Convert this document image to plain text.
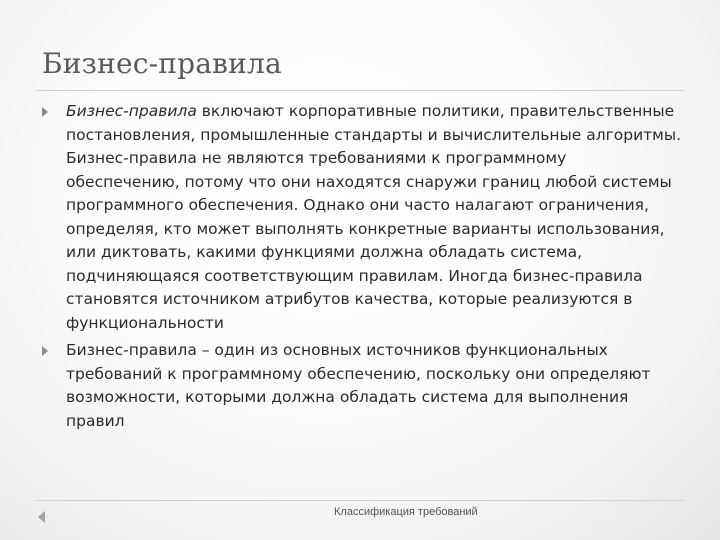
Бизнес-правила
Бизнес-правила включают корпоративные политики, правительственные постановления, промышленные стандарты и вычислительные алгоритмы. Бизнес-правила не являются требованиями к программному обеспечению, потому что они находятся снаружи границ любой системы программного обеспечения. Однако они часто налагают ограничения, определяя, кто может выполнять конкретные варианты использования, или диктовать, какими функциями должна обладать система, подчиняющаяся соответствующим правилам. Иногда бизнес-правила становятся источником атрибутов качества, которые реализуются в функциональности
Бизнес-правила – один из основных источников функциональных требований к программному обеспечению, поскольку они определяют возможности, которыми должна обладать система для выполнения правил
Классификация требований
